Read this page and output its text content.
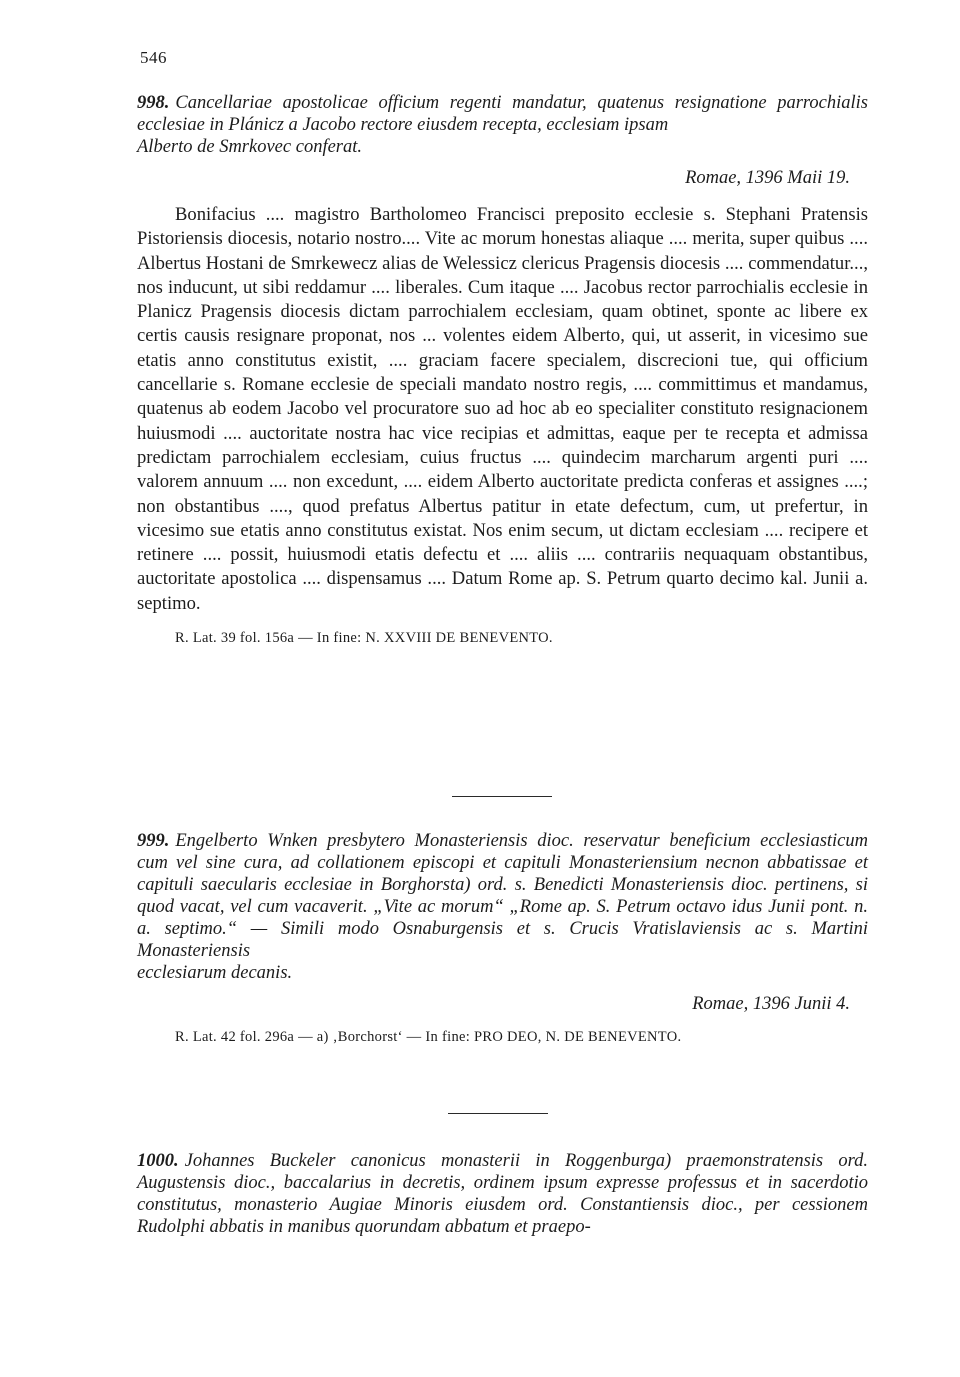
546
998. Cancellariae apostolicae officium regenti mandatur, quatenus resignatione parrochialis ecclesiae in Plánicz a Jacobo rectore eiusdem recepta, ecclesiam ipsam
Alberto de Smrkovec conferat.
Romae, 1396 Maii 19.
Bonifacius .... magistro Bartholomeo Francisci preposito ecclesie s. Stephani Pratensis Pistoriensis diocesis, notario nostro.... Vite ac morum honestas aliaque .... merita, super quibus .... Albertus Hostani de Smrkewecz alias de Welessicz clericus Pragensis diocesis .... commendatur..., nos inducunt, ut sibi reddamur .... liberales. Cum itaque .... Jacobus rector parrochialis ecclesie in Planicz Pragensis diocesis dictam parrochialem ecclesiam, quam obtinet, sponte ac libere ex certis causis resignare proponat, nos ... volentes eidem Alberto, qui, ut asserit, in vicesimo sue etatis anno constitutus existit, .... graciam facere specialem, discrecioni tue, qui officium cancellarie s. Romane ecclesie de speciali mandato nostro regis, .... committimus et mandamus, quatenus ab eodem Jacobo vel procuratore suo ad hoc ab eo specialiter constituto resignacionem huiusmodi .... auctoritate nostra hac vice recipias et admittas, eaque per te recepta et admissa predictam parrochialem ecclesiam, cuius fructus .... quindecim marcharum argenti puri .... valorem annuum .... non excedunt, .... eidem Alberto auctoritate predicta conferas et assignes ....; non obstantibus ...., quod prefatus Albertus patitur in etate defectum, cum, ut prefertur, in vicesimo sue etatis anno constitutus existat. Nos enim secum, ut dictam ecclesiam .... recipere et retinere .... possit, huiusmodi etatis defectu et .... aliis .... contrariis nequaquam obstantibus, auctoritate apostolica .... dispensamus .... Datum Rome ap. S. Petrum quarto decimo kal. Junii a. septimo.
R. Lat. 39 fol. 156a — In fine: N. XXVIII DE BENEVENTO.
999. Engelberto Wnken presbytero Monasteriensis dioc. reservatur beneficium ecclesiasticum cum vel sine cura, ad collationem episcopi et capituli Monasteriensium necnon abbatissae et capituli saecularis ecclesiae in Borghorsta) ord. s. Benedicti Monasteriensis dioc. pertinens, si quod vacat, vel cum vacaverit. „Vite ac morum“ „Rome ap. S. Petrum octavo idus Junii pont. n. a. septimo.“ — Simili modo Osnaburgensis et s. Crucis Vratislaviensis ac s. Martini Monasteriensis
ecclesiarum decanis.
Romae, 1396 Junii 4.
R. Lat. 42 fol. 296a — a) ‚Borchorst‘ — In fine: PRO DEO, N. DE BENEVENTO.
1000. Johannes Buckeler canonicus monasterii in Roggenburga) praemonstratensis ord. Augustensis dioc., baccalarius in decretis, ordinem ipsum expresse professus et in sacerdotio constitutus, monasterio Augiae Minoris eiusdem ord. Constantiensis dioc., per cessionem Rudolphi abbatis in manibus quorundam abbatum et praepo-
